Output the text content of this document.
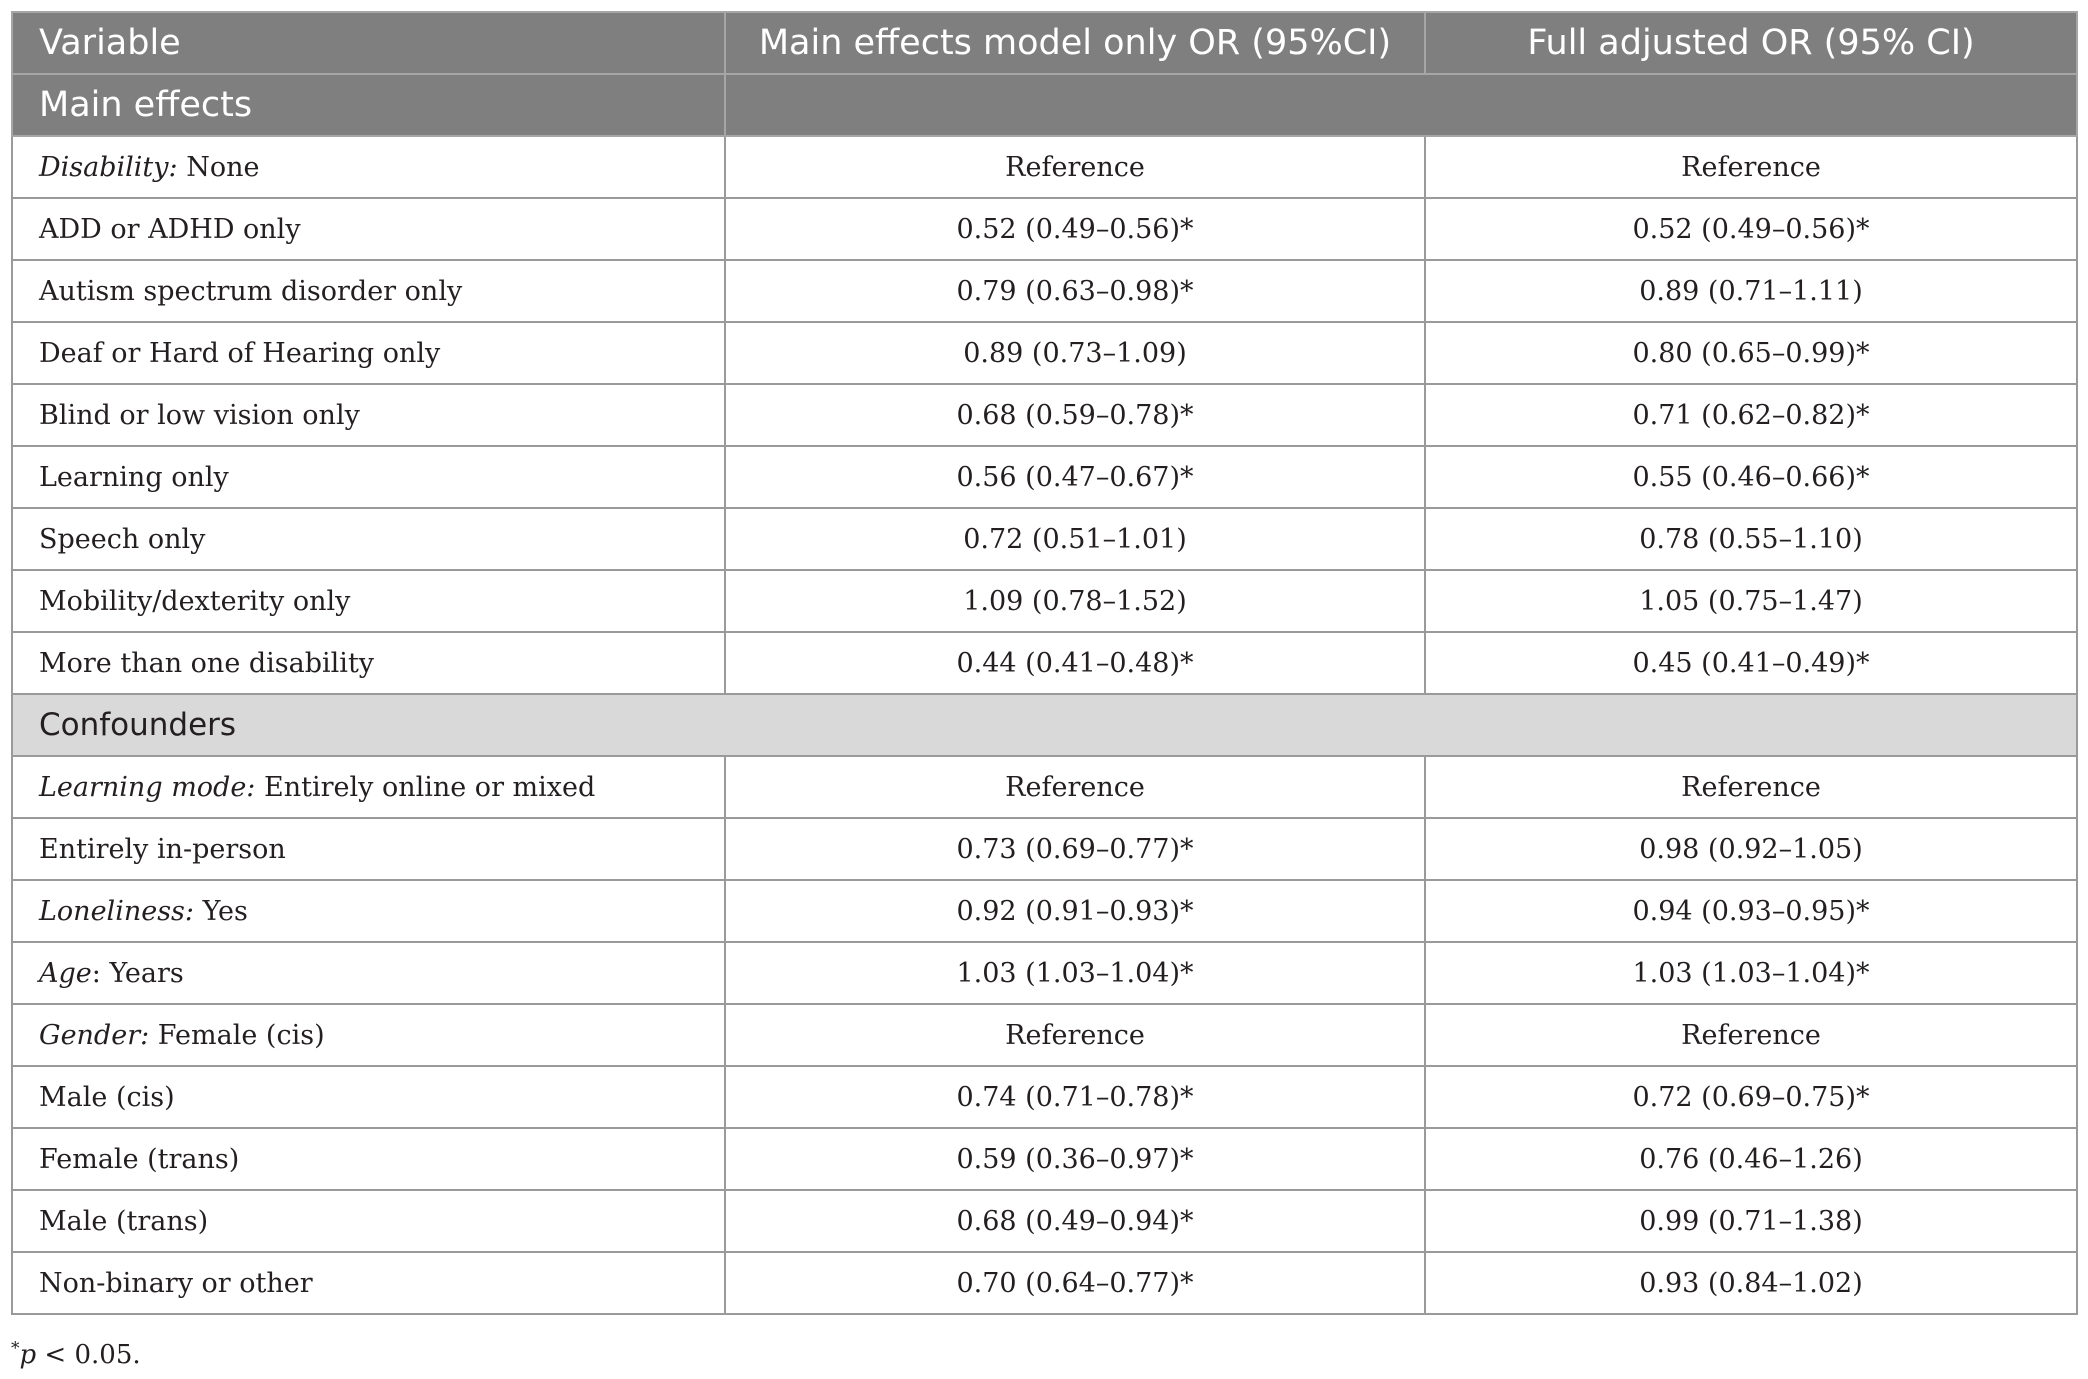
Variable	Main effects model only OR (95%CI)	Full adjusted OR (95% CI)
Main effects		
Disability: None	Reference	Reference
ADD or ADHD only	0.52 (0.49–0.56)*	0.52 (0.49–0.56)*
Autism spectrum disorder only	0.79 (0.63–0.98)*	0.89 (0.71–1.11)
Deaf or Hard of Hearing only	0.89 (0.73–1.09)	0.80 (0.65–0.99)*
Blind or low vision only	0.68 (0.59–0.78)*	0.71 (0.62–0.82)*
Learning only	0.56 (0.47–0.67)*	0.55 (0.46–0.66)*
Speech only	0.72 (0.51–1.01)	0.78 (0.55–1.10)
Mobility/dexterity only	1.09 (0.78–1.52)	1.05 (0.75–1.47)
More than one disability	0.44 (0.41–0.48)*	0.45 (0.41–0.49)*
Confounders		
Learning mode: Entirely online or mixed	Reference	Reference
Entirely in-person	0.73 (0.69–0.77)*	0.98 (0.92–1.05)
Loneliness: Yes	0.92 (0.91–0.93)*	0.94 (0.93–0.95)*
Age: Years	1.03 (1.03–1.04)*	1.03 (1.03–1.04)*
Gender: Female (cis)	Reference	Reference
Male (cis)	0.74 (0.71–0.78)*	0.72 (0.69–0.75)*
Female (trans)	0.59 (0.36–0.97)*	0.76 (0.46–1.26)
Male (trans)	0.68 (0.49–0.94)*	0.99 (0.71–1.38)
Non-binary or other	0.70 (0.64–0.77)*	0.93 (0.84–1.02)
*p < 0.05.
